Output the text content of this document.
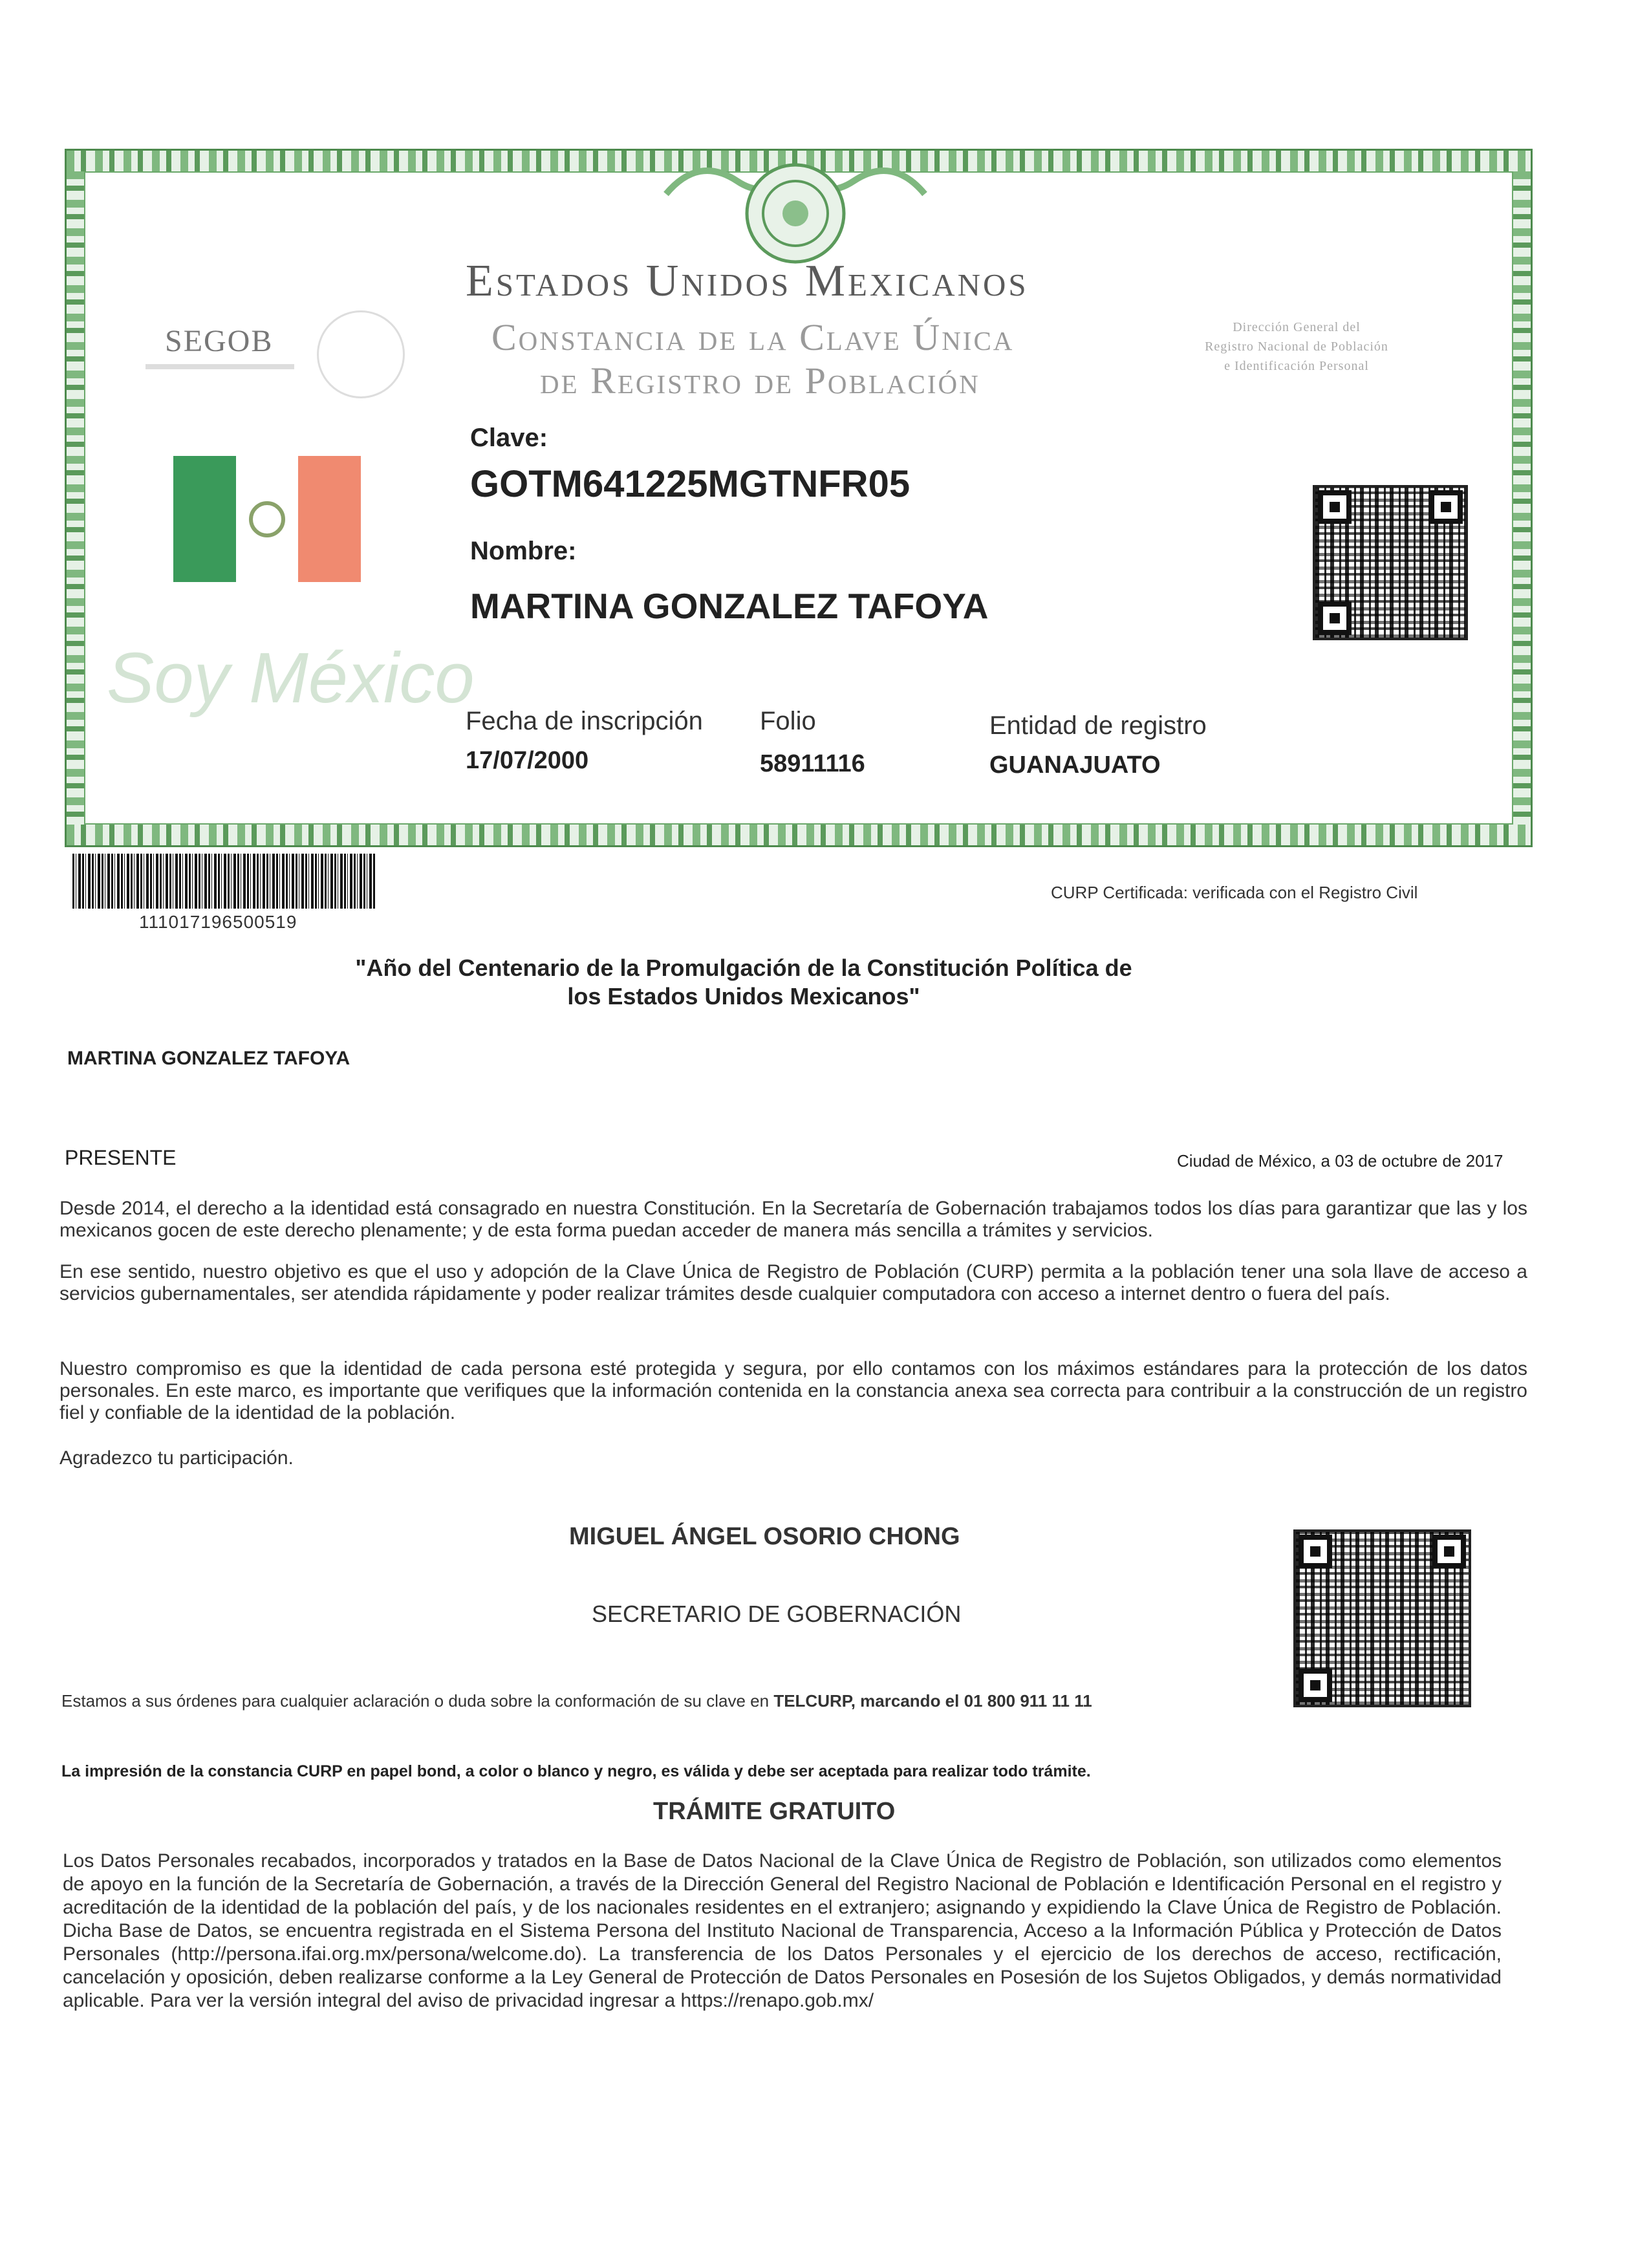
Estados Unidos Mexicanos
Constancia de la Clave Única
de Registro de Población
SEGOB	Dirección General del
Registro Nacional de Población
e Identificación Personal
Soy México
Clave:
GOTM641225MGTNFR05
Nombre:
MARTINA GONZALEZ TAFOYA
Fecha de inscripción
17/07/2000
Folio
58911116
Entidad de registro
GUANAJUATO
111017196500519
CURP Certificada: verificada con el Registro Civil
"Año del Centenario de la Promulgación de la Constitución Política de
los Estados Unidos Mexicanos"
MARTINA GONZALEZ TAFOYA
PRESENTE	Ciudad de México, a 03 de octubre de 2017
Desde 2014, el derecho a la identidad está consagrado en nuestra Constitución. En la Secretaría de Gobernación trabajamos todos los días para garantizar que las y los mexicanos gocen de este derecho plenamente; y de esta forma puedan acceder de manera más sencilla a trámites y servicios.
En ese sentido, nuestro objetivo es que el uso y adopción de la Clave Única de Registro de Población (CURP) permita a la población tener una sola llave de acceso a servicios gubernamentales, ser atendida rápidamente y poder realizar trámites desde cualquier computadora con acceso a internet dentro o fuera del país.
Nuestro compromiso es que la identidad de cada persona esté protegida y segura, por ello contamos con los máximos estándares para la protección de los datos personales. En este marco, es importante que verifiques que la información contenida en la constancia anexa sea correcta para contribuir a la construcción de un registro fiel y confiable de la identidad de la población.
Agradezco tu participación.
MIGUEL ÁNGEL OSORIO CHONG
SECRETARIO DE GOBERNACIÓN
Estamos a sus órdenes para cualquier aclaración o duda sobre la conformación de su clave en TELCURP, marcando el 01 800 911 11 11
La impresión de la constancia CURP en papel bond, a color o blanco y negro, es válida y debe ser aceptada para realizar todo trámite.
TRÁMITE GRATUITO
Los Datos Personales recabados, incorporados y tratados en la Base de Datos Nacional de la Clave Única de Registro de Población, son utilizados como elementos de apoyo en la función de la Secretaría de Gobernación, a través de la Dirección General del Registro Nacional de Población e Identificación Personal en el registro y acreditación de la identidad de la población del país, y de los nacionales residentes en el extranjero; asignando y expidiendo la Clave Única de Registro de Población. Dicha Base de Datos, se encuentra registrada en el Sistema Persona del Instituto Nacional de Transparencia, Acceso a la Información Pública y Protección de Datos Personales (http://persona.ifai.org.mx/persona/welcome.do). La transferencia de los Datos Personales y el ejercicio de los derechos de acceso, rectificación, cancelación y oposición, deben realizarse conforme a la Ley General de Protección de Datos Personales en Posesión de los Sujetos Obligados, y demás normatividad aplicable. Para ver la versión integral del aviso de privacidad ingresar a https://renapo.gob.mx/
